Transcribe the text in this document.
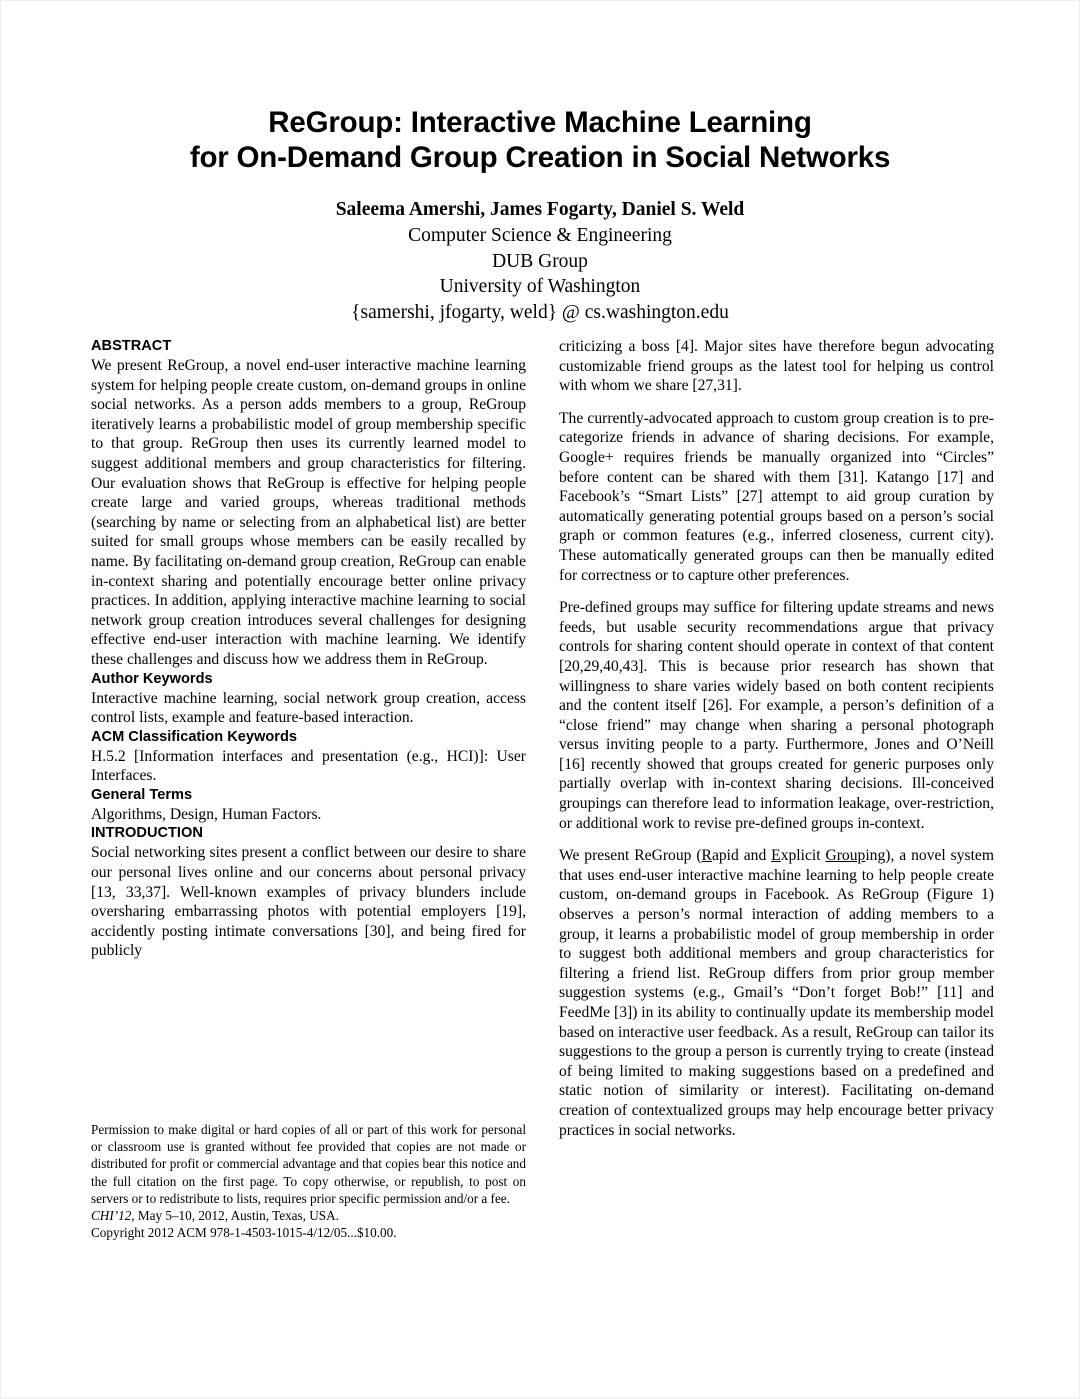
ReGroup: Interactive Machine Learning
for On-Demand Group Creation in Social Networks
Saleema Amershi, James Fogarty, Daniel S. Weld
Computer Science & Engineering
DUB Group
University of Washington
{samershi, jfogarty, weld} @ cs.washington.edu
ABSTRACT

We present ReGroup, a novel end-user interactive machine learning system for helping people create custom, on-demand groups in online social networks. As a person adds members to a group, ReGroup iteratively learns a probabilistic model of group membership specific to that group. ReGroup then uses its currently learned model to suggest additional members and group characteristics for filtering. Our evaluation shows that ReGroup is effective for helping people create large and varied groups, whereas traditional methods (searching by name or selecting from an alphabetical list) are better suited for small groups whose members can be easily recalled by name. By facilitating on-demand group creation, ReGroup can enable in-context sharing and potentially encourage better online privacy practices. In addition, applying interactive machine learning to social network group creation introduces several challenges for designing effective end-user interaction with machine learning. We identify these challenges and discuss how we address them in ReGroup.

Author Keywords

Interactive machine learning, social network group creation, access control lists, example and feature-based interaction.

ACM Classification Keywords

H.5.2 [Information interfaces and presentation (e.g., HCI)]: User Interfaces.

General Terms

Algorithms, Design, Human Factors.

INTRODUCTION

Social networking sites present a conflict between our desire to share our personal lives online and our concerns about personal privacy [13, 33,37]. Well-known examples of privacy blunders include oversharing embarrassing photos with potential employers [19], accidently posting intimate conversations [30], and being fired for publicly

criticizing a boss [4]. Major sites have therefore begun advocating customizable friend groups as the latest tool for helping us control with whom we share [27,31].

The currently-advocated approach to custom group creation is to pre-categorize friends in advance of sharing decisions. For example, Google+ requires friends be manually organized into “Circles” before content can be shared with them [31]. Katango [17] and Facebook’s “Smart Lists” [27] attempt to aid group curation by automatically generating potential groups based on a person’s social graph or common features (e.g., inferred closeness, current city). These automatically generated groups can then be manually edited for correctness or to capture other preferences.

Pre-defined groups may suffice for filtering update streams and news feeds, but usable security recommendations argue that privacy controls for sharing content should operate in context of that content [20,29,40,43]. This is because prior research has shown that willingness to share varies widely based on both content recipients and the content itself [26]. For example, a person’s definition of a “close friend” may change when sharing a personal photograph versus inviting people to a party. Furthermore, Jones and O’Neill [16] recently showed that groups created for generic purposes only partially overlap with in-context sharing decisions. Ill-conceived groupings can therefore lead to information leakage, over-restriction, or additional work to revise pre-defined groups in-context.

We present ReGroup (Rapid and Explicit Grouping), a novel system that uses end-user interactive machine learning to help people create custom, on-demand groups in Facebook. As ReGroup (Figure 1) observes a person’s normal interaction of adding members to a group, it learns a probabilistic model of group membership in order to suggest both additional members and group characteristics for filtering a friend list. ReGroup differs from prior group member suggestion systems (e.g., Gmail’s “Don’t forget Bob!” [11] and FeedMe [3]) in its ability to continually update its membership model based on interactive user feedback. As a result, ReGroup can tailor its suggestions to the group a person is currently trying to create (instead of being limited to making suggestions based on a predefined and static notion of similarity or interest). Facilitating on-demand creation of contextualized groups may help encourage better privacy practices in social networks.

Permission to make digital or hard copies of all or part of this work for personal or classroom use is granted without fee provided that copies are not made or distributed for profit or commercial advantage and that copies bear this notice and the full citation on the first page. To copy otherwise, or republish, to post on servers or to redistribute to lists, requires prior specific permission and/or a fee.
CHI’12, May 5–10, 2012, Austin, Texas, USA.
Copyright 2012 ACM 978-1-4503-1015-4/12/05...$10.00.
